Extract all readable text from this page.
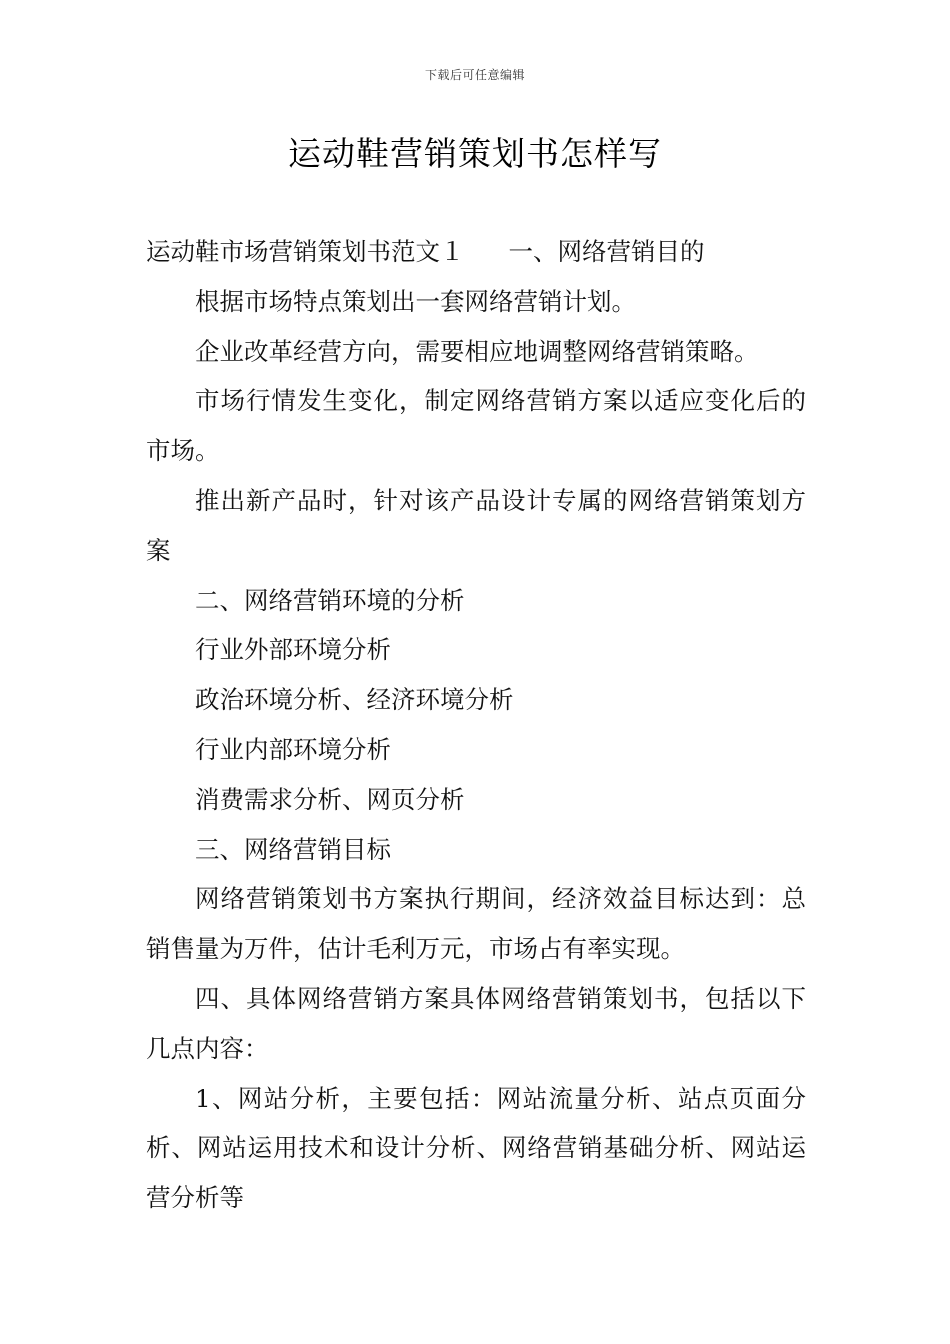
下载后可任意编辑
运动鞋营销策划书怎样写

运动鞋市场营销策划书范文１ 一、网络营销目的

根据市场特点策划出一套网络营销计划。

企业改革经营方向，需要相应地调整网络营销策略。

市场行情发生变化，制定网络营销方案以适应变化后的市场。

推出新产品时，针对该产品设计专属的网络营销策划方案

二、网络营销环境的分析

行业外部环境分析

政治环境分析、经济环境分析

行业内部环境分析

消费需求分析、网页分析

三、网络营销目标

网络营销策划书方案执行期间，经济效益目标达到：总销售量为万件，估计毛利万元，市场占有率实现。

四、具体网络营销方案具体网络营销策划书，包括以下几点内容：

1、网站分析，主要包括：网站流量分析、站点页面分析、网站运用技术和设计分析、网络营销基础分析、网站运营分析等
